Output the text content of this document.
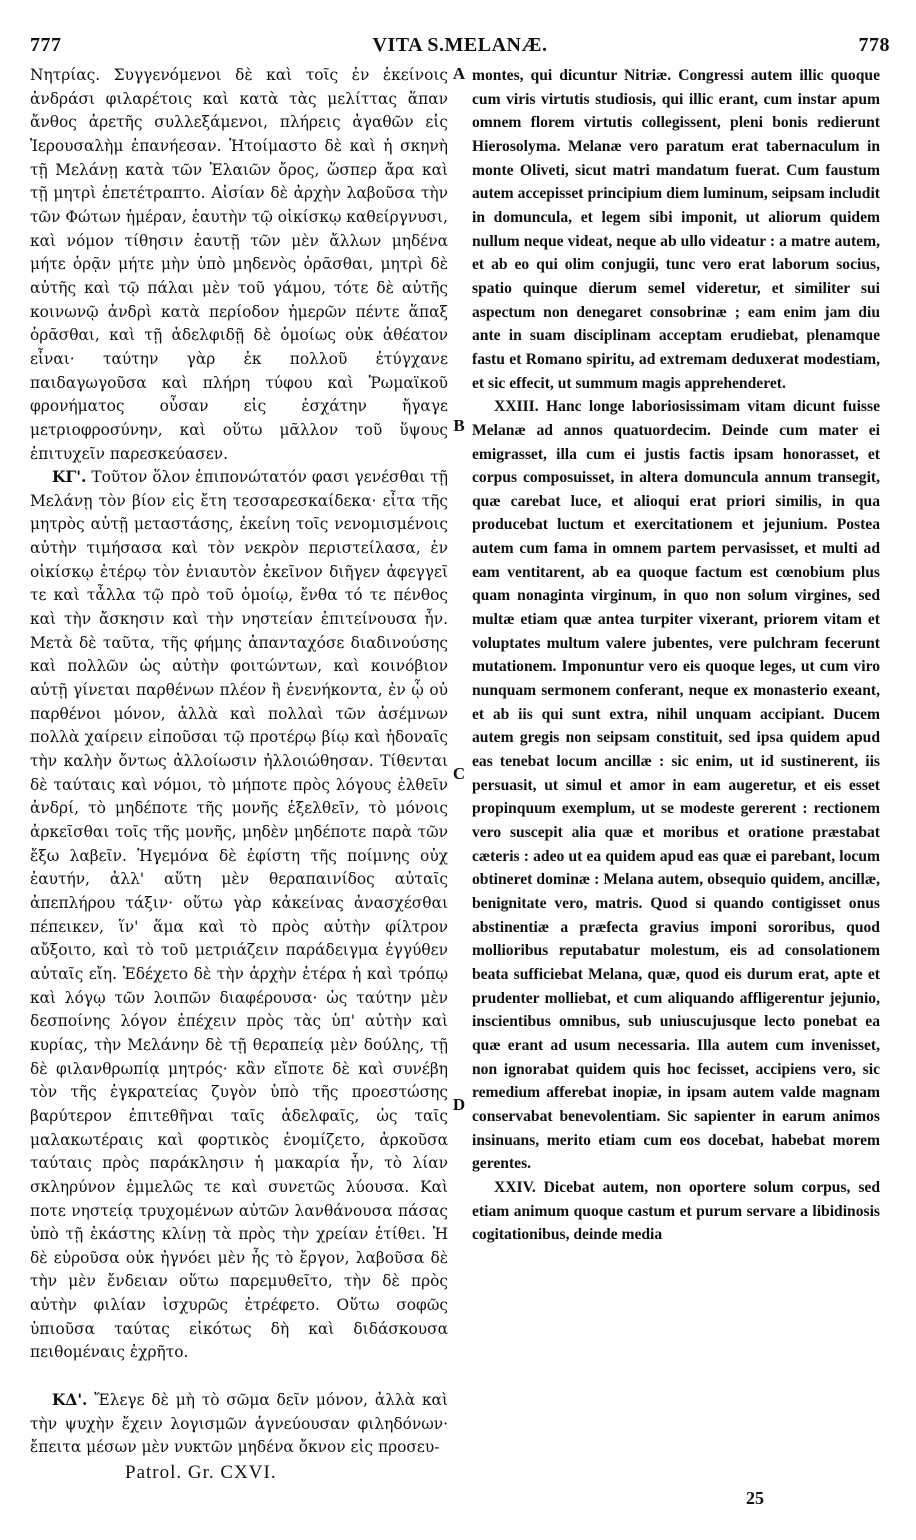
777	VITA S.MELANÆ.	778

Νητρίας. Συγγενόμενοι δὲ καὶ τοῖς ἐν ἐκείνοις ἀνδράσι φιλαρέτοις καὶ κατὰ τὰς μελίττας ἅπαν ἄνθος ἀρετῆς συλλεξάμενοι, πλήρεις ἀγαθῶν εἰς Ἱερουσαλὴμ ἐπανήεσαν. Ἡτοίμαστο δὲ καὶ ἡ σκηνὴ τῇ Μελάνῃ κατὰ τῶν Ἐλαιῶν ὄρος, ὥσπερ ἄρα καὶ τῇ μητρὶ ἐπετέτραπτο. Αἰσίαν δὲ ἀρχὴν λαβοῦσα τὴν τῶν Φώτων ἡμέραν, ἑαυτὴν τῷ οἰκίσκῳ καθείργνυσι, καὶ νόμον τίθησιν ἑαυτῇ τῶν μὲν ἄλλων μηδένα μήτε ὁρᾷν μήτε μὴν ὑπὸ μηδενὸς ὁρᾶσθαι, μητρὶ δὲ αὐτῆς καὶ τῷ πάλαι μὲν τοῦ γάμου, τότε δὲ αὐτῆς κοινωνῷ ἀνδρὶ κατὰ περίοδον ἡμερῶν πέντε ἅπαξ ὁρᾶσθαι, καὶ τῇ ἀδελφιδῇ δὲ ὁμοίως οὐκ ἀθέατον εἶναι· ταύτην γὰρ ἐκ πολλοῦ ἐτύγχανε παιδαγωγοῦσα καὶ πλήρη τύφου καὶ Ῥωμαϊκοῦ φρονήματος οὖσαν εἰς ἐσχάτην ἤγαγε μετριοφροσύνην, καὶ οὕτω μᾶλλον τοῦ ὕψους ἐπιτυχεῖν παρεσκεύασεν.

ΚΓ'. Τοῦτον ὅλον ἐπιπονώτατόν φασι γενέσθαι τῇ Μελάνῃ τὸν βίον εἰς ἔτη τεσσαρεσκαίδεκα· εἶτα τῆς μητρὸς αὐτῇ μεταστάσης, ἐκείνη τοῖς νενομισμένοις αὐτὴν τιμήσασα καὶ τὸν νεκρὸν περιστείλασα, ἐν οἰκίσκῳ ἑτέρῳ τὸν ἐνιαυτὸν ἐκεῖνον διῆγεν ἀφεγγεῖ τε καὶ τἆλλα τῷ πρὸ τοῦ ὁμοίῳ, ἔνθα τό τε πένθος καὶ τὴν ἄσκησιν καὶ τὴν νηστείαν ἐπιτείνουσα ἦν. Μετὰ δὲ ταῦτα, τῆς φήμης ἁπανταχόσε διαδινούσης καὶ πολλῶν ὡς αὐτὴν φοιτώντων, καὶ κοινόβιον αὐτῇ γίνεται παρθένων πλέον ἢ ἐνενήκοντα, ἐν ᾧ οὐ παρθένοι μόνον, ἀλλὰ καὶ πολλαὶ τῶν ἀσέμνων πολλὰ χαίρειν εἰποῦσαι τῷ προτέρῳ βίῳ καὶ ἡδοναῖς τὴν καλὴν ὄντως ἀλλοίωσιν ἠλλοιώθησαν. Τίθενται δὲ ταύταις καὶ νόμοι, τὸ μήποτε πρὸς λόγους ἐλθεῖν ἀνδρί, τὸ μηδέποτε τῆς μονῆς ἐξελθεῖν, τὸ μόνοις ἀρκεῖσθαι τοῖς τῆς μονῆς, μηδὲν μηδέποτε παρὰ τῶν ἔξω λαβεῖν. Ἡγεμόνα δὲ ἐφίστη τῆς ποίμνης οὐχ ἑαυτήν, ἀλλ' αὕτη μὲν θεραπαινίδος αὐταῖς ἀπεπλήρου τάξιν· οὕτω γὰρ κἀκείνας ἀνασχέσθαι πέπεικεν, ἵν' ἅμα καὶ τὸ πρὸς αὐτὴν φίλτρον αὔξοιτο, καὶ τὸ τοῦ μετριάζειν παράδειγμα ἐγγύθεν αὐταῖς εἴη. Ἐδέχετο δὲ τὴν ἀρχὴν ἑτέρα ἡ καὶ τρόπῳ καὶ λόγῳ τῶν λοιπῶν διαφέρουσα· ὡς ταύτην μὲν δεσποίνης λόγον ἐπέχειν πρὸς τὰς ὑπ' αὐτὴν καὶ κυρίας, τὴν Μελάνην δὲ τῇ θεραπείᾳ μὲν δούλης, τῇ δὲ φιλανθρωπίᾳ μητρός· κἂν εἴποτε δὲ καὶ συνέβη τὸν τῆς ἐγκρατείας ζυγὸν ὑπὸ τῆς προεστώσης βαρύτερον ἐπιτεθῆναι ταῖς ἀδελφαῖς, ὡς ταῖς μαλακωτέραις καὶ φορτικὸς ἐνομίζετο, ἀρκοῦσα ταύταις πρὸς παράκλησιν ἡ μακαρία ἦν, τὸ λίαν σκληρύνον ἐμμελῶς τε καὶ συνετῶς λύουσα. Καὶ ποτε νηστείᾳ τρυχομένων αὐτῶν λανθάνουσα πάσας ὑπὸ τῇ ἑκάστης κλίνῃ τὰ πρὸς τὴν χρείαν ἐτίθει. Ἡ δὲ εὑροῦσα οὐκ ἠγνόει μὲν ἧς τὸ ἔργον, λαβοῦσα δὲ τὴν μὲν ἔνδειαν οὕτω παρεμυθεῖτο, τὴν δὲ πρὸς αὐτὴν φιλίαν ἰσχυρῶς ἐτρέφετο. Οὕτω σοφῶς ὑπιοῦσα ταύτας εἰκότως δὴ καὶ διδάσκουσα πειθομέναις ἐχρῆτο.

ΚΔ'. Ἔλεγε δὲ μὴ τὸ σῶμα δεῖν μόνον, ἀλλὰ καὶ τὴν ψυχὴν ἔχειν λογισμῶν ἁγνεύουσαν φιληδόνων· ἔπειτα μέσων μὲν νυκτῶν μηδένα ὄκνον εἰς προσευ-

A
B
C
D

montes, qui dicuntur Nitriæ. Congressi autem illic quoque cum viris virtutis studiosis, qui illic erant, cum instar apum omnem florem virtutis collegissent, pleni bonis redierunt Hierosolyma. Melanæ vero paratum erat tabernaculum in monte Oliveti, sicut matri mandatum fuerat. Cum faustum autem accepisset principium diem luminum, seipsam includit in domuncula, et legem sibi imponit, ut aliorum quidem nullum neque videat, neque ab ullo videatur : a matre autem, et ab eo qui olim conjugii, tunc vero erat laborum socius, spatio quinque dierum semel videretur, et similiter sui aspectum non denegaret consobrinæ ; eam enim jam diu ante in suam disciplinam acceptam erudiebat, plenamque fastu et Romano spiritu, ad extremam deduxerat modestiam, et sic effecit, ut summum magis apprehenderet.

XXIII. Hanc longe laboriosissimam vitam dicunt fuisse Melanæ ad annos quatuordecim. Deinde cum mater ei emigrasset, illa cum ei justis factis ipsam honorasset, et corpus composuisset, in altera domuncula annum transegit, quæ carebat luce, et alioqui erat priori similis, in qua producebat luctum et exercitationem et jejunium. Postea autem cum fama in omnem partem pervasisset, et multi ad eam ventitarent, ab ea quoque factum est cœnobium plus quam nonaginta virginum, in quo non solum virgines, sed multæ etiam quæ antea turpiter vixerant, priorem vitam et voluptates multum valere jubentes, vere pulchram fecerunt mutationem. Imponuntur vero eis quoque leges, ut cum viro nunquam sermonem conferant, neque ex monasterio exeant, et ab iis qui sunt extra, nihil unquam accipiant. Ducem autem gregis non seipsam constituit, sed ipsa quidem apud eas tenebat locum ancillæ : sic enim, ut id sustinerent, iis persuasit, ut simul et amor in eam augeretur, et eis esset propinquum exemplum, ut se modeste gererent : rectionem vero suscepit alia quæ et moribus et oratione præstabat cæteris : adeo ut ea quidem apud eas quæ ei parebant, locum obtineret dominæ : Melana autem, obsequio quidem, ancillæ, benignitate vero, matris. Quod si quando contigisset onus abstinentiæ a præfecta gravius imponi sororibus, quod mollioribus reputabatur molestum, eis ad consolationem beata sufficiebat Melana, quæ, quod eis durum erat, apte et prudenter molliebat, et cum aliquando affligerentur jejunio, inscientibus omnibus, sub uniuscujusque lecto ponebat ea quæ erant ad usum necessaria. Illa autem cum invenisset, non ignorabat quidem quis hoc fecisset, accipiens vero, sic remedium afferebat inopiæ, in ipsam autem valde magnam conservabat benevolentiam. Sic sapienter in earum animos insinuans, merito etiam cum eos docebat, habebat morem gerentes.

XXIV. Dicebat autem, non oportere solum corpus, sed etiam animum quoque castum et purum servare a libidinosis cogitationibus, deinde media

Patrol. Gr. CXVI.
25
